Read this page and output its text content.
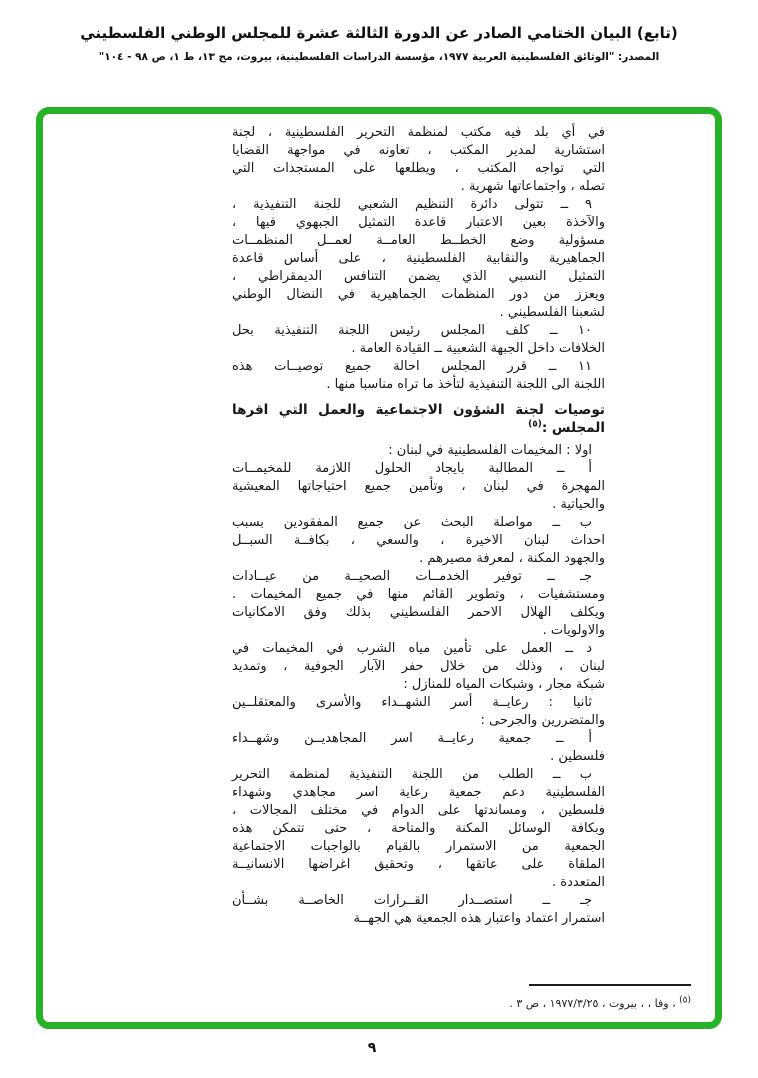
(تابع) البيان الختامي الصادر عن الدورة الثالثة عشرة للمجلس الوطني الفلسطيني
المصدر: "الوثائق الفلسطينية العربية ١٩٧٧، مؤسسة الدراسات الفلسطينية، بيروت، مج ١٣، ط ١، ص ٩٨ - ١٠٤"
في أي بلد فيه مكتب لمنظمة التحرير الفلسطينية ، لجنة
استشارية لمدير المكتب ، تعاونه في مواجهة القضايا
التي تواجه المكتب ، ويطلعها على المستجدات التي
تصله ، واجتماعاتها شهرية .
٩ ــ تتولى دائرة التنظيم الشعبي للجنة التنفيذية ،
والآخذة بعين الاعتبار قاعدة التمثيل الجبهوي فيها ،
مسؤولية وضع الخطــط العامــة لعمــل المنظمــات
الجماهيرية والنقابية الفلسطينية ، على أساس قاعدة
التمثيل النسبي الذي يضمن التنافس الديمقراطي ،
ويعزز من دور المنظمات الجماهيرية في النضال الوطني
لشعبنا الفلسطيني .
١٠ ــ كلف المجلس رئيس اللجنة التنفيذية بحل
الخلافات داخل الجبهة الشعبية ــ القيادة العامة .
١١ ــ قرر المجلس احالة جميع توصيــات هذه
اللجنة الى اللجنة التنفيذية لتأخذ ما تراه مناسبا منها .
توصيات لجنة الشؤون الاجتماعية والعمل التي اقرها
المجلس :$^{(٥)}$
اولا : المخيمات الفلسطينية في لبنان :
أ ــ المطالبة بايجاد الحلول اللازمة للمخيمــات
المهجرة في لبنان ، وتأمين جميع احتياجاتها المعيشية
والحياتية .
ب ــ مواصلة البحث عن جميع المفقودين بسبب
احداث لبنان الاخيرة ، والسعي ، بكافــة السبــل
والجهود المكنة ، لمعرفة مصيرهم .
جـ ــ توفير الخدمــات الصحيــة من عيــادات
ومستشفيات ، وتطوير القائم منها في جميع المخيمات .
ويكلف الهلال الاحمر الفلسطيني بذلك وفق الامكانيات
والاولويات .
د ــ العمل على تأمين مياه الشرب في المخيمات في
لبنان ، وذلك من خلال حفر الآبار الجوفية ، وتمديد
شبكة مجار ، وشبكات المياه للمنازل :
ثانيا : رعايــة أسر الشهــداء والأسرى والمعتقلــين
والمتضررين والجرحى :
أ ــ جمعية رعايــة اسر المجاهديــن وشهــداء
فلسطين .
ب ــ الطلب من اللجنة التنفيذية لمنظمة التحرير
الفلسطينية دعم جمعية رعاية اسر مجاهدي وشهداء
فلسطين ، ومساندتها على الدوام في مختلف المجالات ،
وبكافة الوسائل المكنة والمتاحة ، حتى تتمكن هذه
الجمعية من الاستمرار بالقيام بالواجبات الاجتماعية
الملقاة على عاتقها ، وتحقيق اغراضها الانسانيــة
المتعددة .
جـ ــ استصــدار القــرارات الخاصــة بشــأن
استمرار اعتماد واعتبار هذه الجمعية هي الجهــة
$^{(٥)}$ ، وفا ، ، بيروت ، ١٩٧٧/٣/٢٥ ، ص ٣ .
٩
